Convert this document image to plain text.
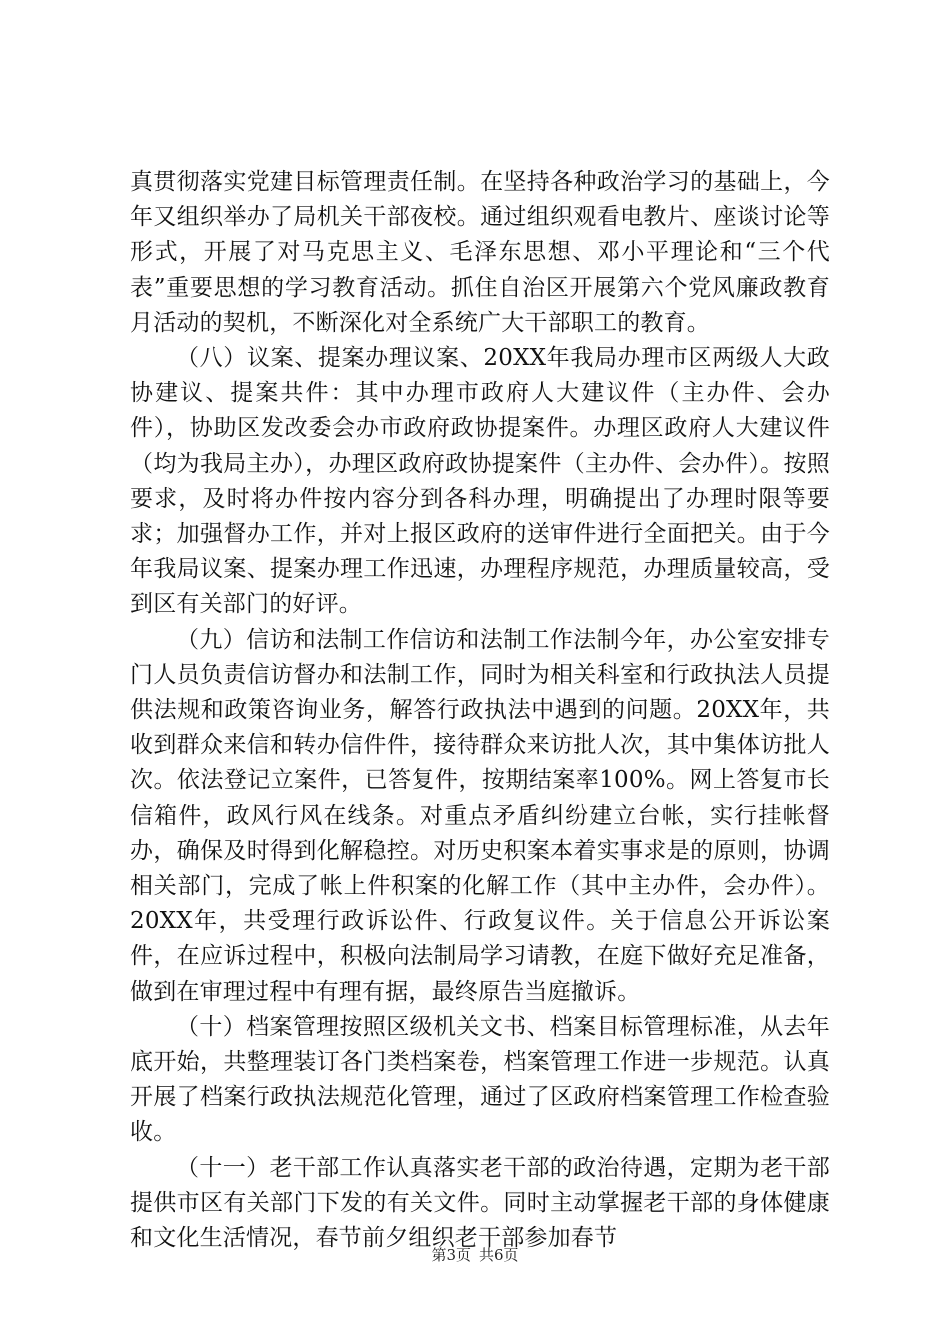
真贯彻落实党建目标管理责任制。在坚持各种政治学习的基础上，今年又组织举办了局机关干部夜校。通过组织观看电教片、座谈讨论等形式，开展了对马克思主义、毛泽东思想、邓小平理论和“三个代表”重要思想的学习教育活动。抓住自治区开展第六个党风廉政教育月活动的契机，不断深化对全系统广大干部职工的教育。

（八）议案、提案办理议案、20XX年我局办理市区两级人大政协建议、提案共件：其中办理市政府人大建议件（主办件、会办件），协助区发改委会办市政府政协提案件。办理区政府人大建议件（均为我局主办），办理区政府政协提案件（主办件、会办件）。按照要求，及时将办件按内容分到各科办理，明确提出了办理时限等要求；加强督办工作，并对上报区政府的送审件进行全面把关。由于今年我局议案、提案办理工作迅速，办理程序规范，办理质量较高，受到区有关部门的好评。

（九）信访和法制工作信访和法制工作法制今年，办公室安排专门人员负责信访督办和法制工作，同时为相关科室和行政执法人员提供法规和政策咨询业务，解答行政执法中遇到的问题。20XX年，共收到群众来信和转办信件件，接待群众来访批人次，其中集体访批人次。依法登记立案件，已答复件，按期结案率100%。网上答复市长信箱件，政风行风在线条。对重点矛盾纠纷建立台帐，实行挂帐督办，确保及时得到化解稳控。对历史积案本着实事求是的原则，协调相关部门，完成了帐上件积案的化解工作（其中主办件，会办件）。20XX年，共受理行政诉讼件、行政复议件。关于信息公开诉讼案件，在应诉过程中，积极向法制局学习请教，在庭下做好充足准备，做到在审理过程中有理有据，最终原告当庭撤诉。

（十）档案管理按照区级机关文书、档案目标管理标准，从去年底开始，共整理装订各门类档案卷，档案管理工作进一步规范。认真开展了档案行政执法规范化管理，通过了区政府档案管理工作检查验收。

（十一）老干部工作认真落实老干部的政治待遇，定期为老干部提供市区有关部门下发的有关文件。同时主动掌握老干部的身体健康和文化生活情况，春节前夕组织老干部参加春节

第3页 共6页
